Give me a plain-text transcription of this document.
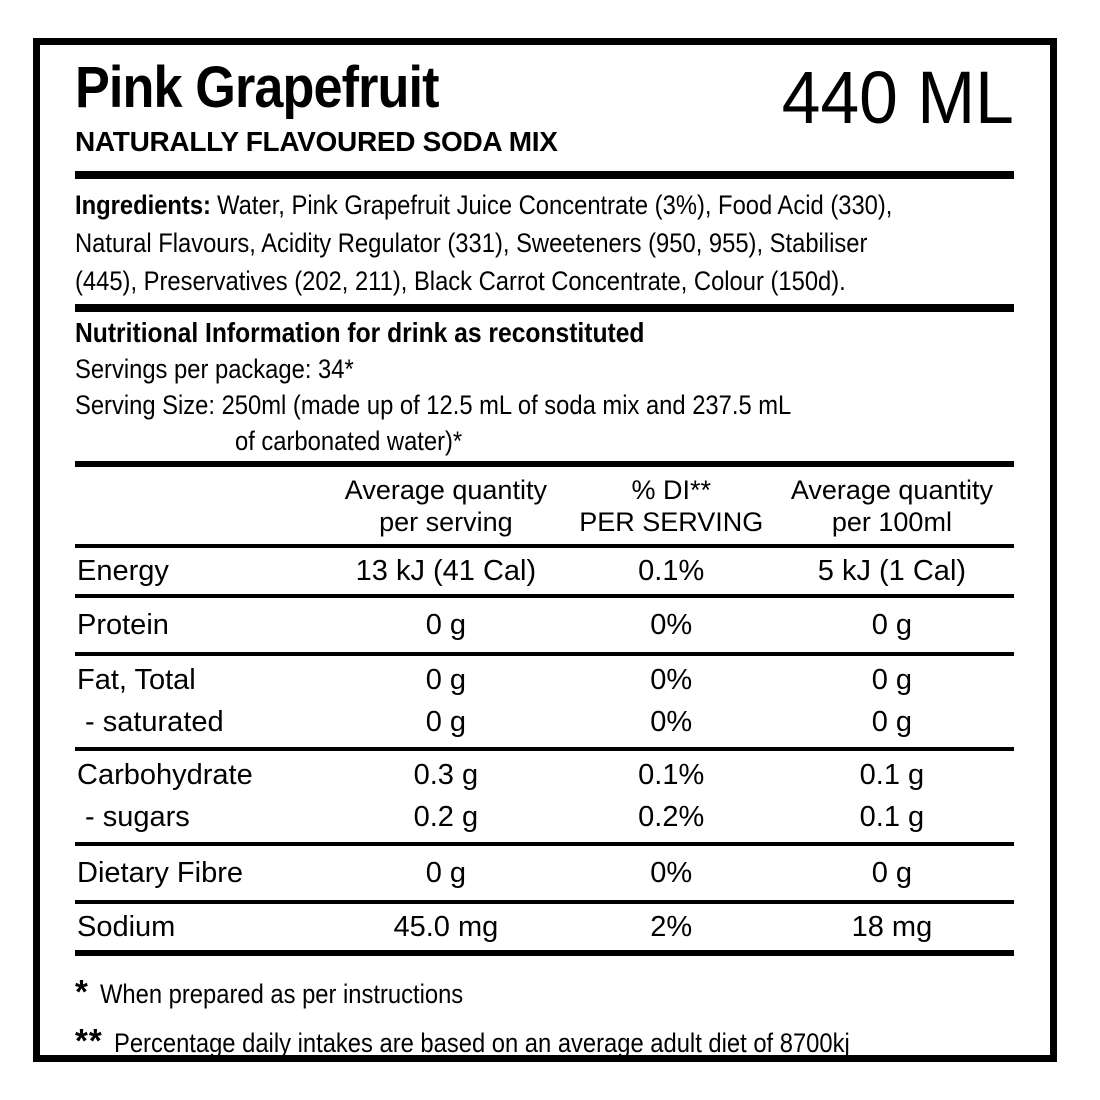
Pink Grapefruit
NATURALLY FLAVOURED SODA MIX
440 ML
Ingredients: Water, Pink Grapefruit Juice Concentrate (3%), Food Acid (330),
Natural Flavours, Acidity Regulator (331), Sweeteners (950, 955), Stabiliser
(445), Preservatives (202, 211), Black Carrot Concentrate, Colour (150d).
Nutritional Information for drink as reconstituted
Servings per package: 34*
Serving Size: 250ml (made up of 12.5 mL of soda mix and 237.5 mL
of carbonated water)*

	Average quantity
per serving	% DI**
PER SERVING	Average quantity
per 100ml

Energy	13 kJ (41 Cal)	0.1%	5 kJ (1 Cal)
Protein	0 g	0%	0 g
Fat, Total	0 g	0%	0 g
- saturated	0 g	0%	0 g
Carbohydrate	0.3 g	0.1%	0.1 g
- sugars	0.2 g	0.2%	0.1 g
Dietary Fibre	0 g	0%	0 g
Sodium	45.0 mg	2%	18 mg
* When prepared as per instructions
** Percentage daily intakes are based on an average adult diet of 8700kj
